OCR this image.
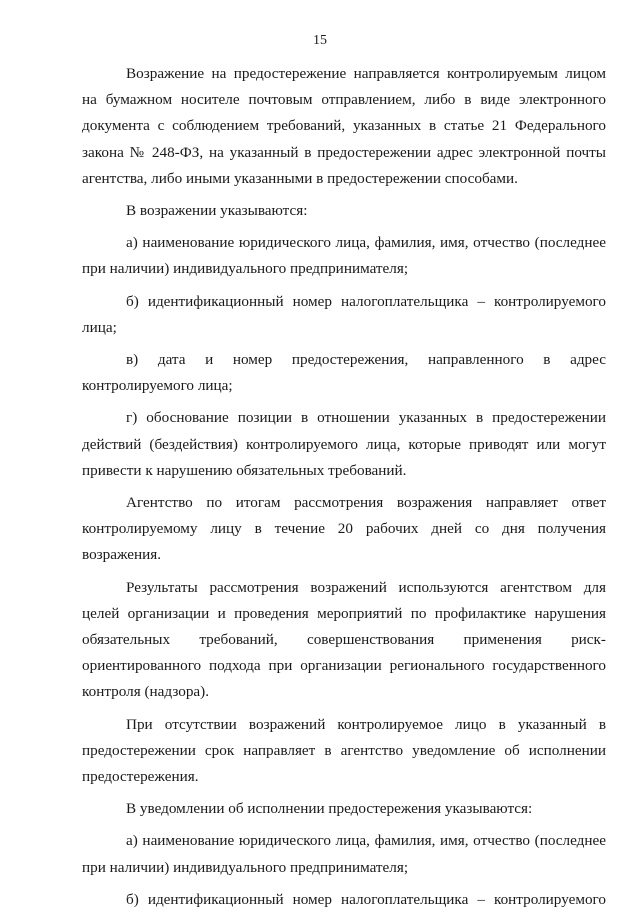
15

Возражение на предостережение направляется контролируемым лицом на бумажном носителе почтовым отправлением, либо в виде электронного документа с соблюдением требований, указанных в статье 21 Федерального закона № 248-ФЗ, на указанный в предостережении адрес электронной почты агентства, либо иными указанными в предостережении способами.

В возражении указываются:

а) наименование юридического лица, фамилия, имя, отчество (последнее при наличии) индивидуального предпринимателя;

б) идентификационный номер налогоплательщика – контролируемого лица;

в) дата и номер предостережения, направленного в адрес контролируемого лица;

г) обоснование позиции в отношении указанных в предостережении действий (бездействия) контролируемого лица, которые приводят или могут привести к нарушению обязательных требований.

Агентство по итогам рассмотрения возражения направляет ответ контролируемому лицу в течение 20 рабочих дней со дня получения возражения.

Результаты рассмотрения возражений используются агентством для целей организации и проведения мероприятий по профилактике нарушения обязательных требований, совершенствования применения риск-ориентированного подхода при организации регионального государственного контроля (надзора).

При отсутствии возражений контролируемое лицо в указанный в предостережении срок направляет в агентство уведомление об исполнении предостережения.

В уведомлении об исполнении предостережения указываются:

а) наименование юридического лица, фамилия, имя, отчество (последнее при наличии) индивидуального предпринимателя;

б) идентификационный номер налогоплательщика – контролируемого
